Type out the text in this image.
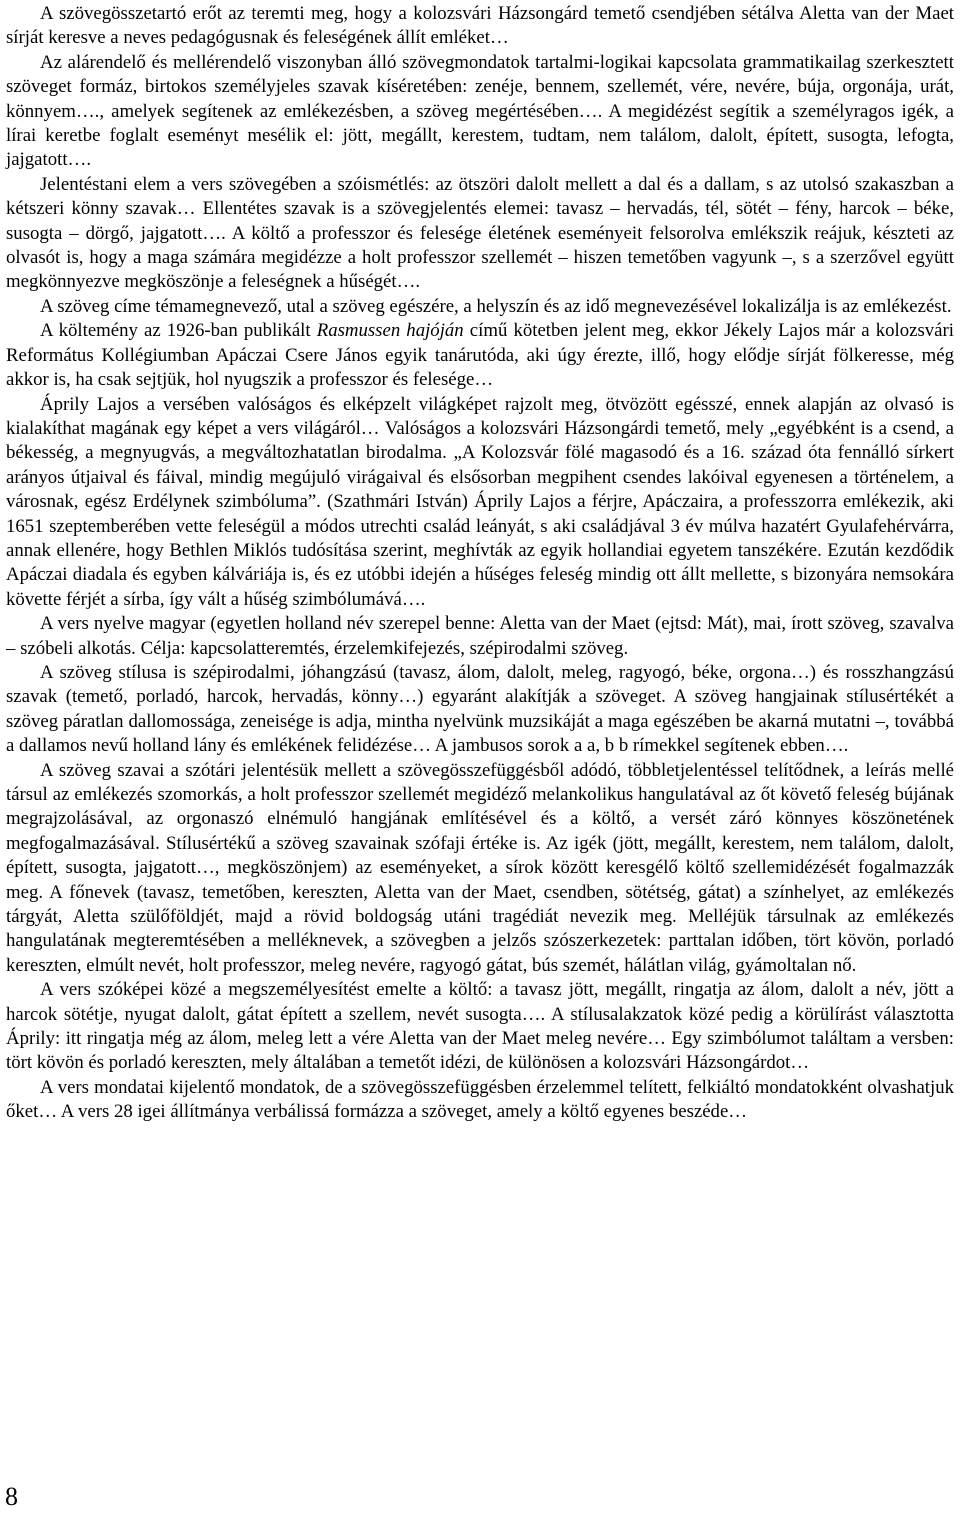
A szövegösszetartó erőt az teremti meg, hogy a kolozsvári Házsongárd temető csendjében sétálva Aletta van der Maet sírját keresve a neves pedagógusnak és feleségének állít emléket…

Az alárendelő és mellérendelő viszonyban álló szövegmondatok tartalmi-logikai kapcsolata grammatikailag szerkesztett szöveget formáz, birtokos személyjeles szavak kíséretében: zenéje, bennem, szellemét, vére, nevére, búja, orgonája, urát, könnyem…., amelyek segítenek az emlékezésben, a szöveg megértésében…. A megidézést segítik a személyragos igék, a lírai keretbe foglalt eseményt mesélik el: jött, megállt, kerestem, tudtam, nem találom, dalolt, épített, susogta, lefogta, jajgatott….

Jelentéstani elem a vers szövegében a szóismétlés: az ötszöri dalolt mellett a dal és a dallam, s az utolsó szakaszban a kétszeri könny szavak… Ellentétes szavak is a szövegjelentés elemei: tavasz – hervadás, tél, sötét – fény, harcok – béke, susogta – dörgő, jajgatott…. A költő a professzor és felesége életének eseményeit felsorolva emlékszik reájuk, készteti az olvasót is, hogy a maga számára megidézze a holt professzor szellemét – hiszen temetőben vagyunk –, s a szerzővel együtt megkönnyezve megköszönje a feleségnek a hűségét….

A szöveg címe témamegnevező, utal a szöveg egészére, a helyszín és az idő megnevezésével lokalizálja is az emlékezést.

A költemény az 1926-ban publikált Rasmussen hajóján című kötetben jelent meg, ekkor Jékely Lajos már a kolozsvári Református Kollégiumban Apáczai Csere János egyik tanárutóda, aki úgy érezte, illő, hogy elődje sírját fölkeresse, még akkor is, ha csak sejtjük, hol nyugszik a professzor és felesége…

Áprily Lajos a versében valóságos és elképzelt világképet rajzolt meg, ötvözött egésszé, ennek alapján az olvasó is kialakíthat magának egy képet a vers világáról… Valóságos a kolozsvári Házsongárdi temető, mely „egyébként is a csend, a békesség, a megnyugvás, a megváltozhatatlan birodalma. „A Kolozsvár fölé magasodó és a 16. század óta fennálló sírkert arányos útjaival és fáival, mindig megújuló virágaival és elsősorban megpihent csendes lakóival egyenesen a történelem, a városnak, egész Erdélynek szimbóluma”. (Szathmári István) Áprily Lajos a férjre, Apáczaira, a professzorra emlékezik, aki 1651 szeptemberében vette feleségül a módos utrechti család leányát, s aki családjával 3 év múlva hazatért Gyulafehérvárra, annak ellenére, hogy Bethlen Miklós tudósítása szerint, meghívták az egyik hollandiai egyetem tanszékére. Ezután kezdődik Apáczai diadala és egyben kálváriája is, és ez utóbbi idején a hűséges feleség mindig ott állt mellette, s bizonyára nemsokára követte férjét a sírba, így vált a hűség szimbólumává….

A vers nyelve magyar (egyetlen holland név szerepel benne: Aletta van der Maet (ejtsd: Mát), mai, írott szöveg, szavalva – szóbeli alkotás. Célja: kapcsolatteremtés, érzelemkifejezés, szépirodalmi szöveg.

A szöveg stílusa is szépirodalmi, jóhangzású (tavasz, álom, dalolt, meleg, ragyogó, béke, orgona…) és rosszhangzású szavak (temető, porladó, harcok, hervadás, könny…) egyaránt alakítják a szöveget. A szöveg hangjainak stílusértékét a szöveg páratlan dallomossága, zeneisége is adja, mintha nyelvünk muzsikáját a maga egészében be akarná mutatni –, továbbá a dallamos nevű holland lány és emlékének felidézése… A jambusos sorok a a, b b rímekkel segítenek ebben….

A szöveg szavai a szótári jelentésük mellett a szövegösszefüggésből adódó, többletjelentéssel telítődnek, a leírás mellé társul az emlékezés szomorkás, a holt professzor szellemét megidéző melankolikus hangulatával az őt követő feleség bújának megrajzolásával, az orgonaszó elnémuló hangjának említésével és a költő, a versét záró könnyes köszönetének megfogalmazásával. Stílusértékű a szöveg szavainak szófaji értéke is. Az igék (jött, megállt, kerestem, nem találom, dalolt, épített, susogta, jajgatott…, megköszönjem) az eseményeket, a sírok között keresgélő költő szellemidézését fogalmazzák meg. A főnevek (tavasz, temetőben, kereszten, Aletta van der Maet, csendben, sötétség, gátat) a színhelyet, az emlékezés tárgyát, Aletta szülőföldjét, majd a rövid boldogság utáni tragédiát nevezik meg. Melléjük társulnak az emlékezés hangulatának megteremtésében a melléknevek, a szövegben a jelzős szószerkezetek: parttalan időben, tört kövön, porladó kereszten, elmúlt nevét, holt professzor, meleg nevére, ragyogó gátat, bús szemét, hálátlan világ, gyámoltalan nő.

A vers szóképei közé a megszemélyesítést emelte a költő: a tavasz jött, megállt, ringatja az álom, dalolt a név, jött a harcok sötétje, nyugat dalolt, gátat épített a szellem, nevét susogta…. A stílusalakzatok közé pedig a körülírást választotta Áprily: itt ringatja még az álom, meleg lett a vére Aletta van der Maet meleg nevére… Egy szimbólumot találtam a versben: tört kövön és porladó kereszten, mely általában a temetőt idézi, de különösen a kolozsvári Házsongárdot…

A vers mondatai kijelentő mondatok, de a szövegösszefüggésben érzelemmel telített, felkiáltó mondatokként olvashatjuk őket… A vers 28 igei állítmánya verbálissá formázza a szöveget, amely a költő egyenes beszéde…

8
